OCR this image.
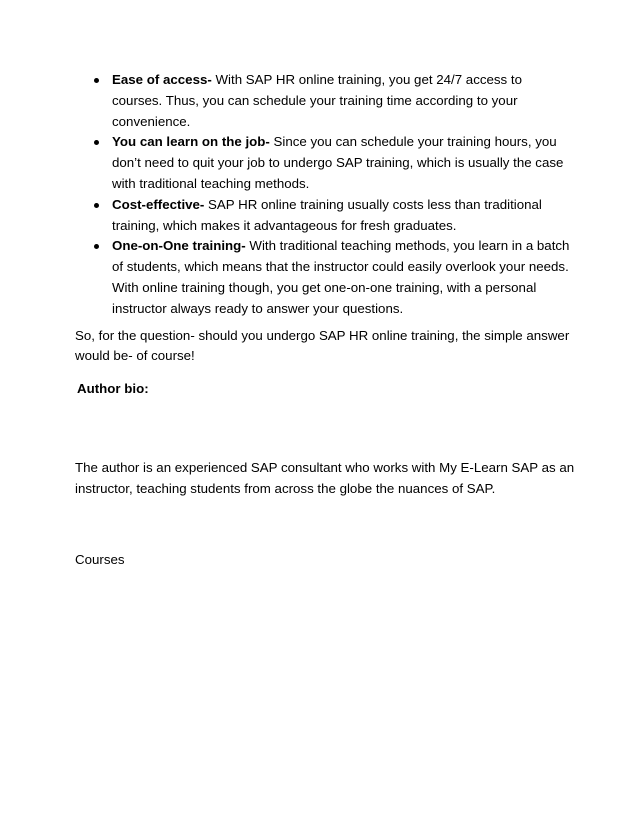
Ease of access- With SAP HR online training, you get 24/7 access to courses. Thus, you can schedule your training time according to your convenience.
You can learn on the job- Since you can schedule your training hours, you don’t need to quit your job to undergo SAP training, which is usually the case with traditional teaching methods.
Cost-effective- SAP HR online training usually costs less than traditional training, which makes it advantageous for fresh graduates.
One-on-One training- With traditional teaching methods, you learn in a batch of students, which means that the instructor could easily overlook your needs. With online training though, you get one-on-one training, with a personal instructor always ready to answer your questions.

So, for the question- should you undergo SAP HR online training, the simple answer would be- of course!

Author bio:

The author is an experienced SAP consultant who works with My E-Learn SAP as an instructor, teaching students from across the globe the nuances of SAP.

Courses
